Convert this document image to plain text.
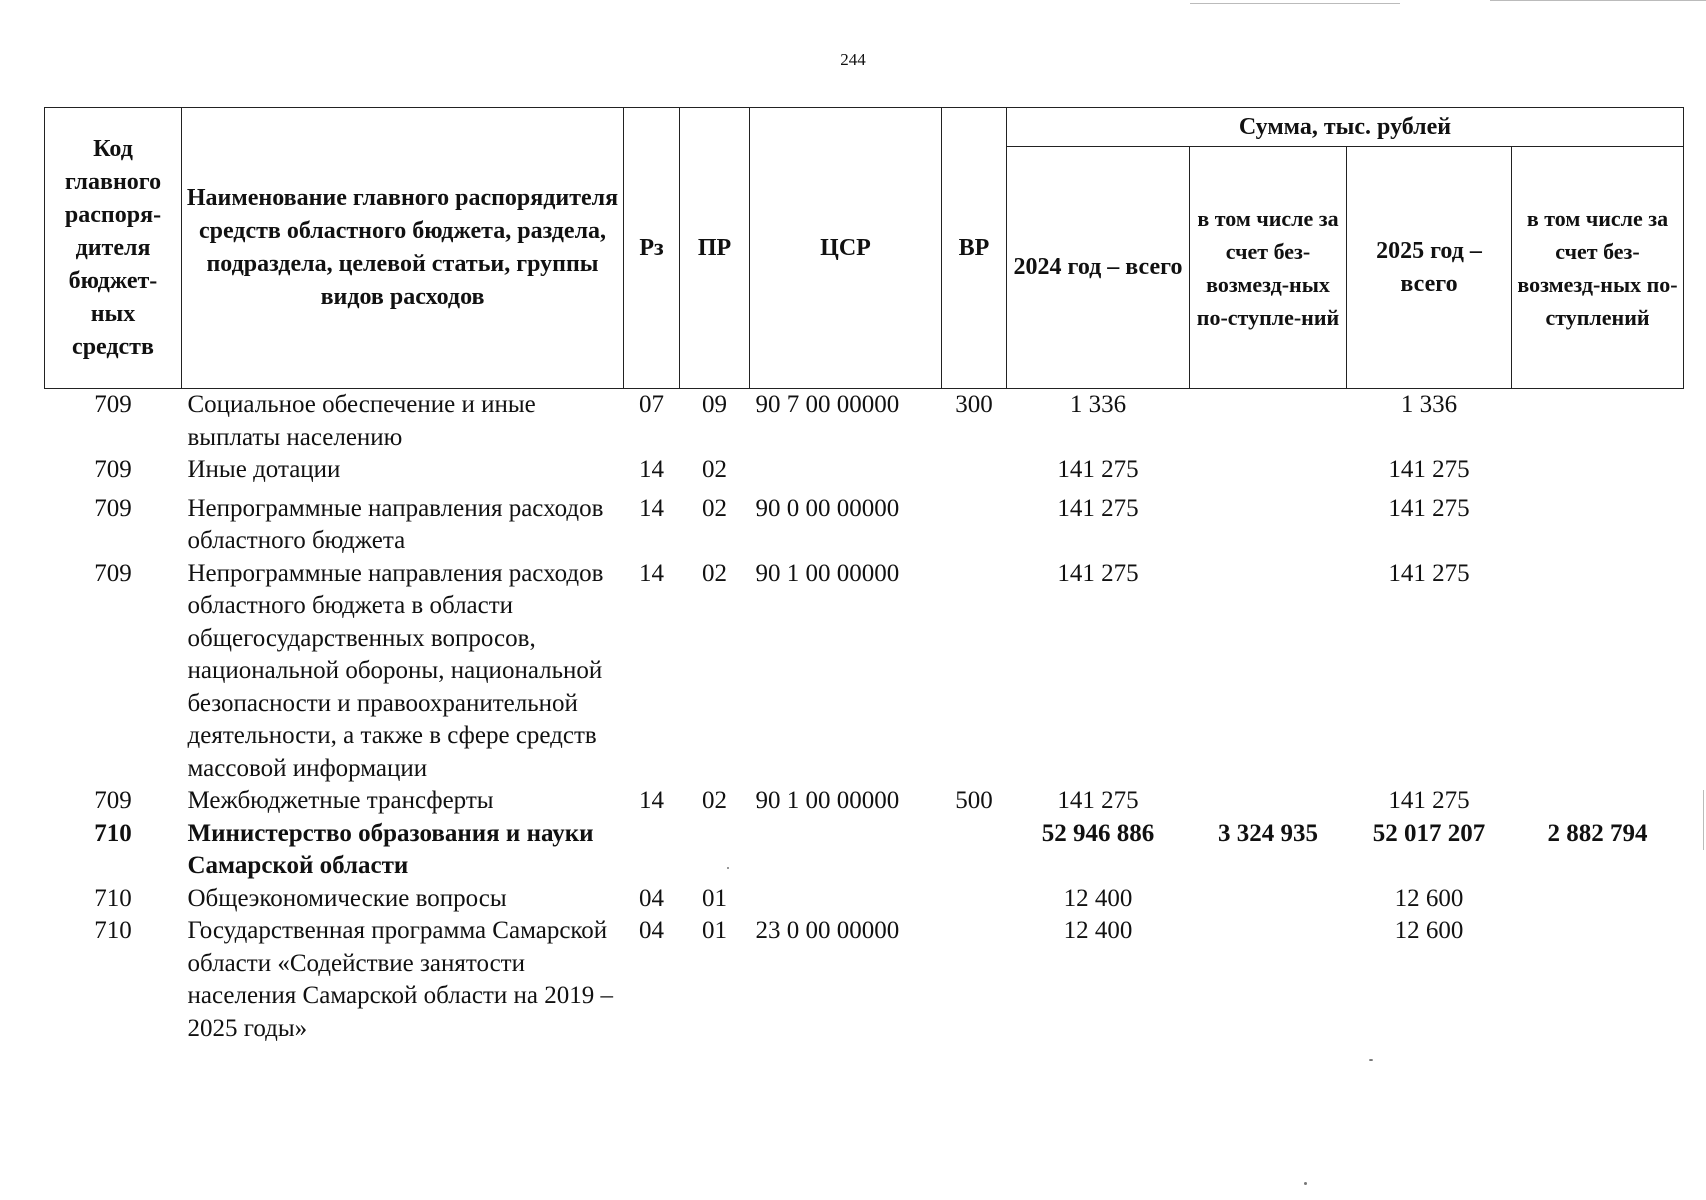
244
Код главного распоря-дителя бюджет-ных средств	Наименование главного распорядителя средств областного бюджета, раздела, подраздела, целевой статьи, группы видов расходов	Рз	ПР	ЦСР	ВР	Сумма, тыс. рублей			
						2024 год – всего	в том числе за счет без-возмезд-ных по-ступле-ний	2025 год – всего	в том числе за счет без-возмезд-ных по-ступлений
709	Социальное обеспечение и иные выплаты населению	07	09	90 7 00 00000	300	1 336		1 336	
709	Иные дотации	14	02			141 275		141 275	
709	Непрограммные направления расходов областного бюджета	14	02	90 0 00 00000		141 275		141 275	
709	Непрограммные направления расходов областного бюджета в области общегосударственных вопросов, национальной обороны, национальной безопасности и правоохранительной деятельности, а также в сфере средств массовой информации	14	02	90 1 00 00000		141 275		141 275	
709	Межбюджетные трансферты	14	02	90 1 00 00000	500	141 275		141 275	
710	Министерство образования и науки Самарской области					52 946 886	3 324 935	52 017 207	2 882 794
710	Общеэкономические вопросы	04	01			12 400		12 600	
710	Государственная программа Самарской области «Содействие занятости населения Самарской области на 2019 – 2025 годы»	04	01	23 0 00 00000		12 400		12 600	
